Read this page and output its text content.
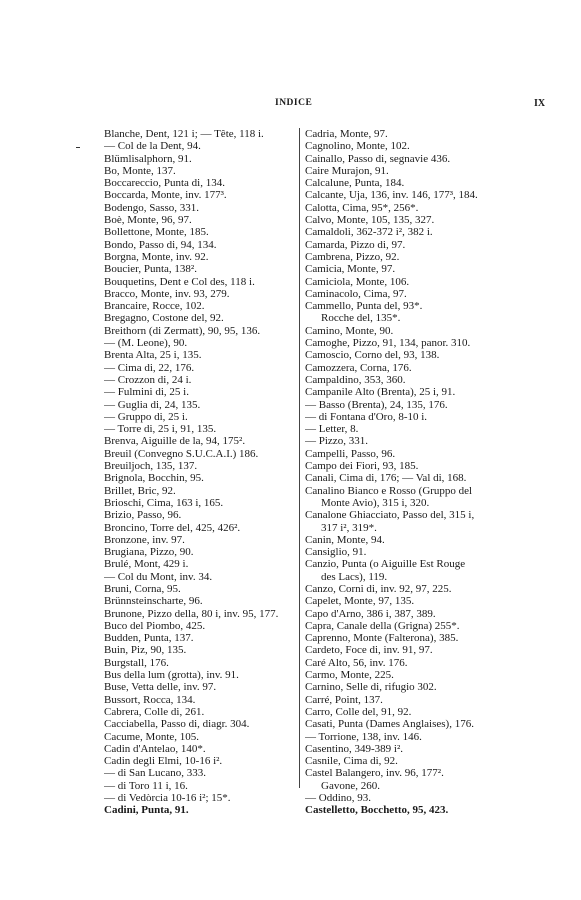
INDICE	IX
Blanche, Dent, 121 i; — Tête, 118 i.
— Col de la Dent, 94.
Blümlisalphorn, 91.
Bo, Monte, 137.
Boccareccio, Punta di, 134.
Boccarda, Monte, inv. 177³.
Bodengo, Sasso, 331.
Boè, Monte, 96, 97.
Bollettone, Monte, 185.
Bondo, Passo di, 94, 134.
Borgna, Monte, inv. 92.
Boucier, Punta, 138².
Bouquetins, Dent e Col des, 118 i.
Bracco, Monte, inv. 93, 279.
Brancaire, Rocce, 102.
Bregagno, Costone del, 92.
Breithorn (di Zermatt), 90, 95, 136.
— (M. Leone), 90.
Brenta Alta, 25 i, 135.
— Cima di, 22, 176.
— Crozzon di, 24 i.
— Fulmini di, 25 i.
— Guglia di, 24, 135.
— Gruppo di, 25 i.
— Torre di, 25 i, 91, 135.
Brenva, Aiguille de la, 94, 175².
Breuil (Convegno S.U.C.A.I.) 186.
Breuiljoch, 135, 137.
Brignola, Bocchin, 95.
Brillet, Bric, 92.
Brioschi, Cima, 163 i, 165.
Brizio, Passo, 96.
Broncino, Torre del, 425, 426².
Bronzone, inv. 97.
Brugiana, Pizzo, 90.
Brulé, Mont, 429 i.
— Col du Mont, inv. 34.
Bruni, Corna, 95.
Brünnsteinscharte, 96.
Brunone, Pizzo della, 80 i, inv. 95, 177.
Buco del Piombo, 425.
Budden, Punta, 137.
Buin, Piz, 90, 135.
Burgstall, 176.
Bus della lum (grotta), inv. 91.
Buse, Vetta delle, inv. 97.
Bussort, Rocca, 134.
Cabrera, Colle di, 261.
Cacciabella, Passo di, diagr. 304.
Cacume, Monte, 105.
Cadin d'Antelao, 140*.
Cadin degli Elmi, 10-16 i².
— di San Lucano, 333.
— di Toro 11 i, 16.
— di Vedòrcia 10-16 i²; 15*.
Cadini, Punta, 91.
Cadria, Monte, 97.
Cagnolino, Monte, 102.
Cainallo, Passo di, segnavie 436.
Caire Murajon, 91.
Calcalune, Punta, 184.
Calcante, Uja, 136, inv. 146, 177³, 184.
Calotta, Cima, 95*, 256*.
Calvo, Monte, 105, 135, 327.
Camaldoli, 362-372 i², 382 i.
Camarda, Pizzo di, 97.
Cambrena, Pizzo, 92.
Camicia, Monte, 97.
Camiciola, Monte, 106.
Caminacolo, Cima, 97.
Cammello, Punta del, 93*.
Rocche del, 135*.
Camino, Monte, 90.
Camoghe, Pizzo, 91, 134, panor. 310.
Camoscio, Corno del, 93, 138.
Camozzera, Corna, 176.
Campaldino, 353, 360.
Campanile Alto (Brenta), 25 i, 91.
— Basso (Brenta), 24, 135, 176.
— di Fontana d'Oro, 8-10 i.
— Letter, 8.
— Pizzo, 331.
Campelli, Passo, 96.
Campo dei Fiori, 93, 185.
Canali, Cima di, 176; — Val di, 168.
Canalino Bianco e Rosso (Gruppo del
Monte Avio), 315 i, 320.
Canalone Ghiacciato, Passo del, 315 i,
317 i², 319*.
Canin, Monte, 94.
Cansiglio, 91.
Canzio, Punta (o Aiguille Est Rouge
des Lacs), 119.
Canzo, Corni di, inv. 92, 97, 225.
Capelet, Monte, 97, 135.
Capo d'Arno, 386 i, 387, 389.
Capra, Canale della (Grigna) 255*.
Caprenno, Monte (Falterona), 385.
Cardeto, Foce di, inv. 91, 97.
Caré Alto, 56, inv. 176.
Carmo, Monte, 225.
Carnino, Selle di, rifugio 302.
Carré, Point, 137.
Carro, Colle del, 91, 92.
Casati, Punta (Dames Anglaises), 176.
— Torrione, 138, inv. 146.
Casentino, 349-389 i².
Casnile, Cima di, 92.
Castel Balangero, inv. 96, 177².
Gavone, 260.
— Oddino, 93.
Castelletto, Bocchetto, 95, 423.
